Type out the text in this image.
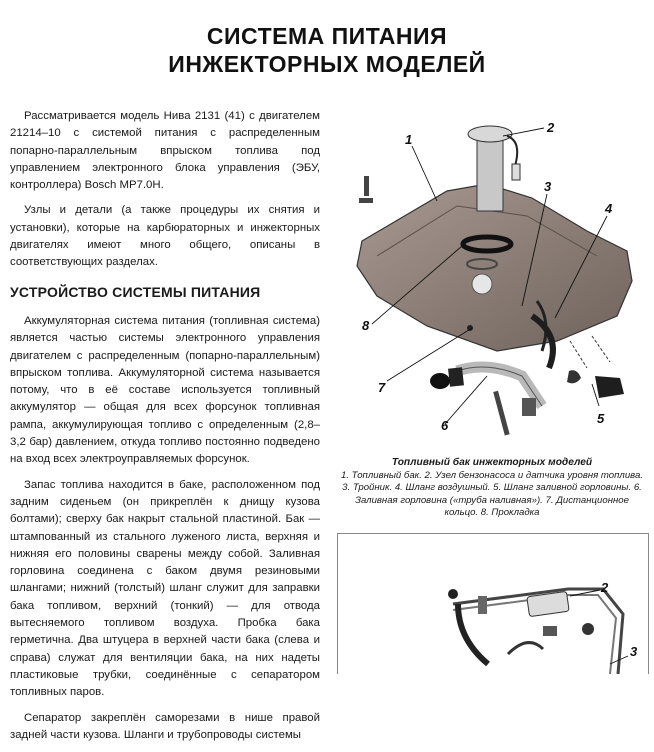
СИСТЕМА ПИТАНИЯ
ИНЖЕКТОРНЫХ МОДЕЛЕЙ

Рассматривается модель Нива 2131 (41) с двигателем 21214–10 с системой питания с распределенным попарно-параллельным впрыском топлива под управлением электронного блока управления (ЭБУ, контроллера) Bosch MP7.0H.

Узлы и детали (а также процедуры их снятия и установки), которые на карбюраторных и инжекторных двигателях имеют много общего, описаны в соответствующих разделах.

УСТРОЙСТВО СИСТЕМЫ ПИТАНИЯ

Аккумуляторная система питания (топливная система) является частью системы электронного управления двигателем с распределенным (попарно-параллельным) впрыском топлива. Аккумуляторной система называется потому, что в её составе используется топливный аккумулятор — общая для всех форсунок топливная рампа, аккумулирующая топливо с определенным (2,8–3,2 бар) давлением, откуда топливо постоянно подведено на вход всех электроуправляемых форсунок.

Запас топлива находится в баке, расположенном под задним сиденьем (он прикреплён к днищу кузова болтами); сверху бак накрыт стальной пластиной. Бак — штампованный из стального луженого листа, верхняя и нижняя его половины сварены между собой. Заливная горловина соединена с баком двумя резиновыми шлангами; нижний (толстый) шланг служит для заправки бака топливом, верхний (тонкий) — для отвода вытесняемого топливом воздуха. Пробка бака герметична. Два штуцера в верхней части бака (слева и справа) служат для вентиляции бака, на них надеты пластиковые трубки, соединённые с сепаратором топливных паров.

Сепаратор закреплён саморезами в нише правой задней части кузова. Шланги и трубопроводы системы

1
2
3
4
5
6
7
8
Топливный бак инжекторных моделей
1. Топливный бак. 2. Узел бензонасоса и датчика уровня топлива. 3. Тройник. 4. Шланг воздушный. 5. Шланг заливной горловины. 6. Заливная горловина («труба наливная»). 7. Дистанционное кольцо. 8. Прокладка
2
3
